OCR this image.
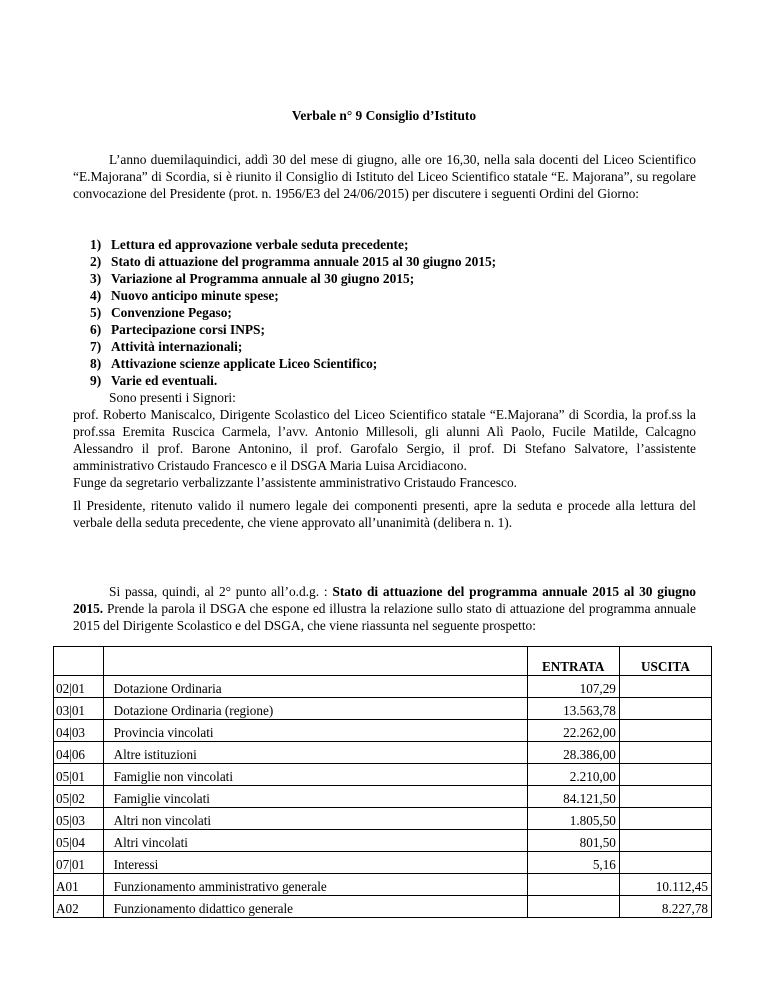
Verbale n° 9 Consiglio d’Istituto
L’anno duemilaquindici, addì 30 del mese di giugno, alle ore 16,30, nella sala docenti del Liceo Scientifico “E.Majorana” di Scordia, si è riunito il Consiglio di Istituto del Liceo Scientifico statale “E. Majorana”, su regolare convocazione del Presidente (prot. n. 1956/E3 del 24/06/2015) per discutere i seguenti Ordini del Giorno:
1) Lettura ed approvazione verbale seduta precedente;
2) Stato di attuazione del programma annuale 2015 al 30 giugno 2015;
3) Variazione al Programma annuale al 30 giugno 2015;
4) Nuovo anticipo minute spese;
5) Convenzione Pegaso;
6) Partecipazione corsi INPS;
7) Attività internazionali;
8) Attivazione scienze applicate Liceo Scientifico;
9) Varie ed eventuali.

Sono presenti i Signori:

prof. Roberto Maniscalco, Dirigente Scolastico del Liceo Scientifico statale “E.Majorana” di Scordia, la prof.ss la prof.ssa Eremita Ruscica Carmela, l’avv. Antonio Millesoli, gli alunni Alì Paolo, Fucile Matilde, Calcagno Alessandro il prof. Barone Antonino, il prof. Garofalo Sergio, il prof. Di Stefano Salvatore, l’assistente amministrativo Cristaudo Francesco e il DSGA Maria Luisa Arcidiacono.

Funge da segretario verbalizzante l’assistente amministrativo Cristaudo Francesco.

Il Presidente, ritenuto valido il numero legale dei componenti presenti, apre la seduta e procede alla lettura del verbale della seduta precedente, che viene approvato all’unanimità (delibera n. 1).
Si passa, quindi, al 2° punto all’o.d.g. : Stato di attuazione del programma annuale 2015 al 30 giugno 2015. Prende la parola il DSGA che espone ed illustra la relazione sullo stato di attuazione del programma annuale 2015 del Dirigente Scolastico e del DSGA, che viene riassunta nel seguente prospetto:
		ENTRATA	USCITA
02|01	Dotazione Ordinaria	107,29	
03|01	Dotazione Ordinaria (regione)	13.563,78	
04|03	Provincia vincolati	22.262,00	
04|06	Altre istituzioni	28.386,00	
05|01	Famiglie non vincolati	2.210,00	
05|02	Famiglie vincolati	84.121,50	
05|03	Altri non vincolati	1.805,50	
05|04	Altri vincolati	801,50	
07|01	Interessi	5,16	
A01	Funzionamento amministrativo generale		10.112,45
A02	Funzionamento didattico generale		8.227,78
